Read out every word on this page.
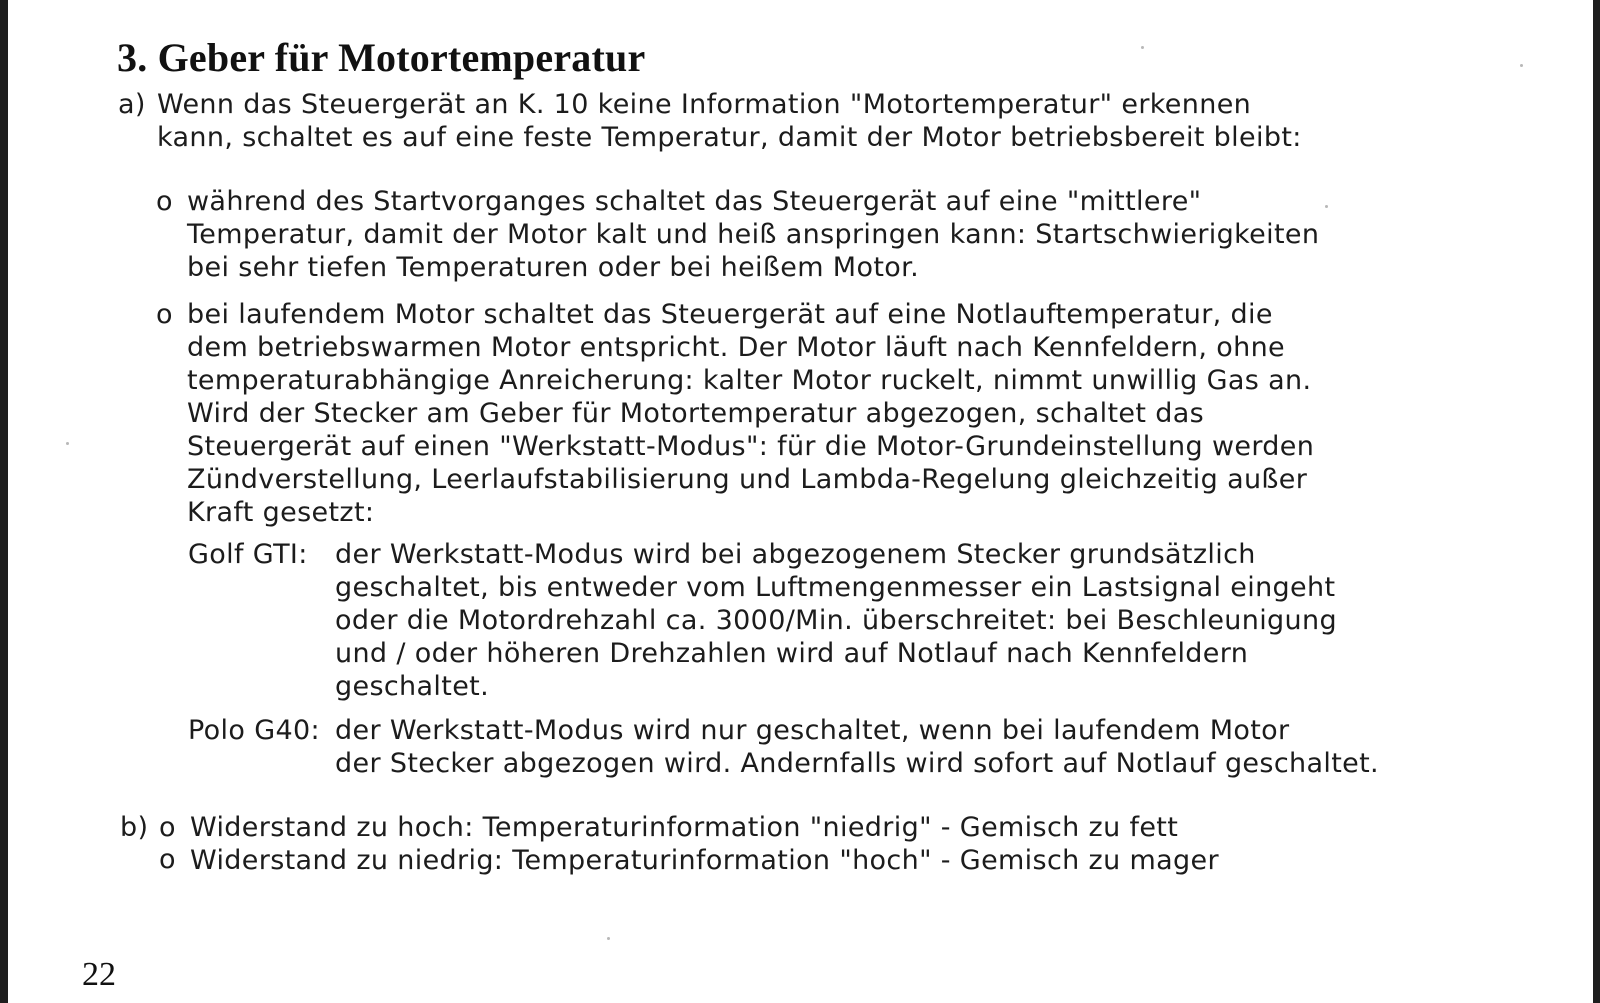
3. Geber für Motortemperatur
a) Wenn das Steuergerät an K. 10 keine Information "Motortemperatur" erkennen
kann, schaltet es auf eine feste Temperatur, damit der Motor betriebsbereit bleibt:
o während des Startvorganges schaltet das Steuergerät auf eine "mittlere"
Temperatur, damit der Motor kalt und heiß anspringen kann: Startschwierigkeiten
bei sehr tiefen Temperaturen oder bei heißem Motor.
o bei laufendem Motor schaltet das Steuergerät auf eine Notlauftemperatur, die
dem betriebswarmen Motor entspricht. Der Motor läuft nach Kennfeldern, ohne
temperaturabhängige Anreicherung: kalter Motor ruckelt, nimmt unwillig Gas an.
Wird der Stecker am Geber für Motortemperatur abgezogen, schaltet das
Steuergerät auf einen "Werkstatt-Modus": für die Motor-Grundeinstellung werden
Zündverstellung, Leerlaufstabilisierung und Lambda-Regelung gleichzeitig außer
Kraft gesetzt:
Golf GTI: der Werkstatt-Modus wird bei abgezogenem Stecker grundsätzlich
geschaltet, bis entweder vom Luftmengenmesser ein Lastsignal eingeht
oder die Motordrehzahl ca. 3000/Min. überschreitet: bei Beschleunigung
und / oder höheren Drehzahlen wird auf Notlauf nach Kennfeldern
geschaltet.
Polo G40: der Werkstatt-Modus wird nur geschaltet, wenn bei laufendem Motor
der Stecker abgezogen wird. Andernfalls wird sofort auf Notlauf geschaltet.
b) o
o
Widerstand zu hoch: Temperaturinformation "niedrig" - Gemisch zu fett
Widerstand zu niedrig: Temperaturinformation "hoch" - Gemisch zu mager
22
